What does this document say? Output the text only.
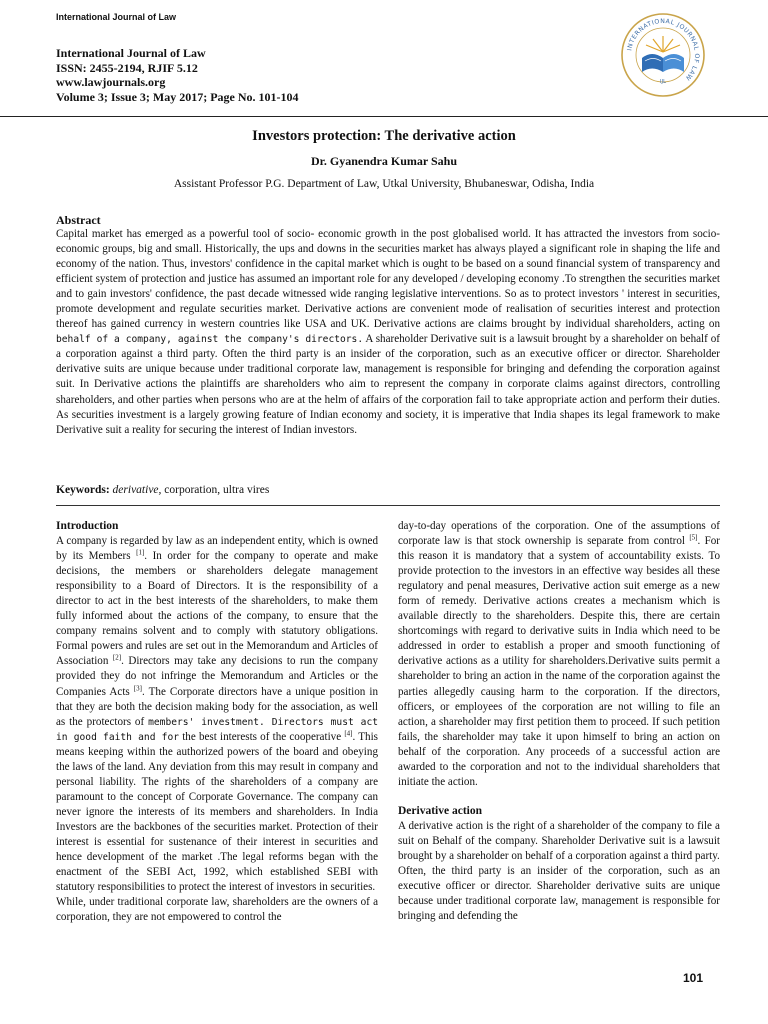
International Journal of Law
International Journal of Law
ISSN: 2455-2194, RJIF 5.12
www.lawjournals.org
Volume 3; Issue 3; May 2017; Page No. 101-104
INTERNATIONAL JOURNAL OF LAW
IJL
Investors protection: The derivative action
Dr. Gyanendra Kumar Sahu
Assistant Professor P.G. Department of Law, Utkal University, Bhubaneswar, Odisha, India
Abstract
Capital market has emerged as a powerful tool of socio- economic growth in the post globalised world. It has attracted the investors from socio-economic groups, big and small. Historically, the ups and downs in the securities market has always played a significant role in shaping the life and economy of the nation. Thus, investors' confidence in the capital market which is ought to be based on a sound financial system of transparency and efficient system of protection and justice has assumed an important role for any developed / developing economy .To strengthen the securities market and to gain investors' confidence, the past decade witnessed wide ranging legislative interventions. So as to protect investors ' interest in securities, promote development and regulate securities market. Derivative actions are convenient mode of realisation of securities interest and protection thereof has gained currency in western countries like USA and UK. Derivative actions are claims brought by individual shareholders, acting on behalf of a company, against the company's directors. A shareholder Derivative suit is a lawsuit brought by a shareholder on behalf of a corporation against a third party. Often the third party is an insider of the corporation, such as an executive officer or director. Shareholder derivative suits are unique because under traditional corporate law, management is responsible for bringing and defending the corporation against suit. In Derivative actions the plaintiffs are shareholders who aim to represent the company in corporate claims against directors, controlling shareholders, and other parties when persons who are at the helm of affairs of the corporation fail to take appropriate action and perform their duties. As securities investment is a largely growing feature of Indian economy and society, it is imperative that India shapes its legal framework to make Derivative suit a reality for securing the interest of Indian investors.
Keywords: derivative, corporation, ultra vires

Introduction

A company is regarded by law as an independent entity, which is owned by its Members [1]. In order for the company to operate and make decisions, the members or shareholders delegate management responsibility to a Board of Directors. It is the responsibility of a director to act in the best interests of the shareholders, to make them fully informed about the actions of the company, to ensure that the company remains solvent and to comply with statutory obligations. Formal powers and rules are set out in the Memorandum and Articles of Association [2]. Directors may take any decisions to run the company provided they do not infringe the Memorandum and Articles or the Companies Acts [3]. The Corporate directors have a unique position in that they are both the decision making body for the association, as well as the protectors of members' investment. Directors must act in good faith and for the best interests of the cooperative [4]. This means keeping within the authorized powers of the board and obeying the laws of the land. Any deviation from this may result in company and personal liability. The rights of the shareholders of a company are paramount to the concept of Corporate Governance. The company can never ignore the interests of its members and shareholders. In India Investors are the backbones of the securities market. Protection of their interest is essential for sustenance of their interest in securities and hence development of the market .The legal reforms began with the enactment of the SEBI Act, 1992, which established SEBI with statutory responsibilities to protect the interest of investors in securities.

While, under traditional corporate law, shareholders are the owners of a corporation, they are not empowered to control the

day-to-day operations of the corporation. One of the assumptions of corporate law is that stock ownership is separate from control [5]. For this reason it is mandatory that a system of accountability exists. To provide protection to the investors in an effective way besides all these regulatory and penal measures, Derivative action suit emerge as a new form of remedy. Derivative actions creates a mechanism which is available directly to the shareholders. Despite this, there are certain shortcomings with regard to derivative suits in India which need to be addressed in order to establish a proper and smooth functioning of derivative actions as a utility for shareholders.Derivative suits permit a shareholder to bring an action in the name of the corporation against the parties allegedly causing harm to the corporation. If the directors, officers, or employees of the corporation are not willing to file an action, a shareholder may first petition them to proceed. If such petition fails, the shareholder may take it upon himself to bring an action on behalf of the corporation. Any proceeds of a successful action are awarded to the corporation and not to the individual shareholders that initiate the action.

Derivative action

A derivative action is the right of a shareholder of the company to file a suit on Behalf of the company. Shareholder Derivative suit is a lawsuit brought by a shareholder on behalf of a corporation against a third party.

Often, the third party is an insider of the corporation, such as an executive officer or director. Shareholder derivative suits are unique because under traditional corporate law, management is responsible for bringing and defending the

101
